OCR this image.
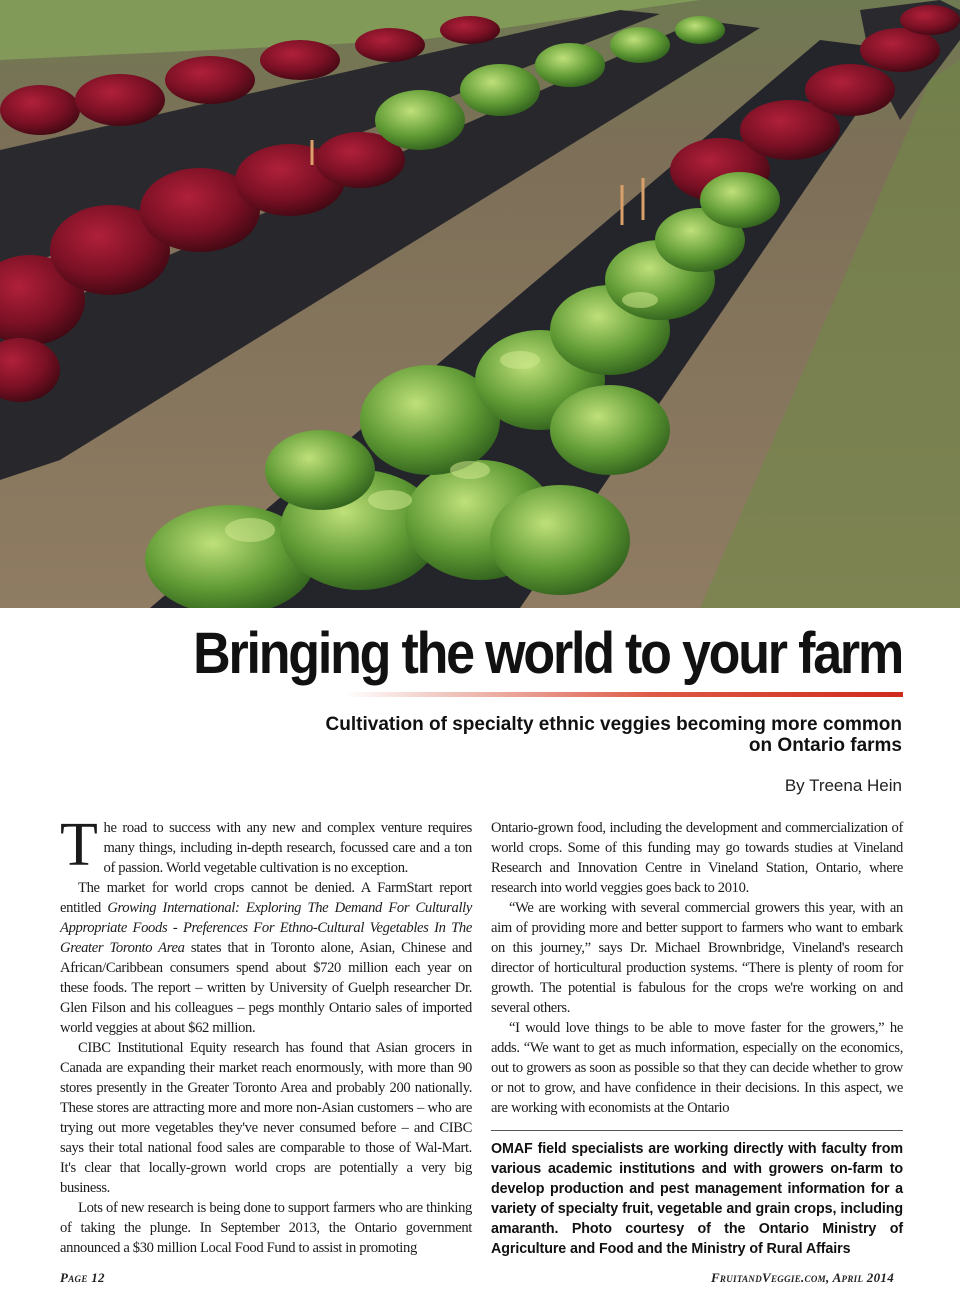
Bringing the world to your farm
Cultivation of specialty ethnic veggies becoming more common
on Ontario farms
By Treena Hein

The road to success with any new and complex venture requires many things, including in-depth research, focussed care and a ton of passion. World vegetable cultivation is no exception.

The market for world crops cannot be denied. A FarmStart report entitled Growing International: Exploring The Demand For Culturally Appropriate Foods - Preferences For Ethno-Cultural Vegetables In The Greater Toronto Area states that in Toronto alone, Asian, Chinese and African/Caribbean consumers spend about $720 million each year on these foods. The report – written by University of Guelph researcher Dr. Glen Filson and his colleagues – pegs monthly Ontario sales of imported world veggies at about $62 million.

CIBC Institutional Equity research has found that Asian grocers in Canada are expanding their market reach enormously, with more than 90 stores presently in the Greater Toronto Area and probably 200 nationally. These stores are attracting more and more non-Asian customers – who are trying out more vegetables they've never consumed before – and CIBC says their total national food sales are comparable to those of Wal-Mart. It's clear that locally-grown world crops are potentially a very big business.

Lots of new research is being done to support farmers who are thinking of taking the plunge. In September 2013, the Ontario government announced a $30 million Local Food Fund to assist in promoting

Ontario-grown food, including the development and commercialization of world crops. Some of this funding may go towards studies at Vineland Research and Innovation Centre in Vineland Station, Ontario, where research into world veggies goes back to 2010.

“We are working with several commercial growers this year, with an aim of providing more and better support to farmers who want to embark on this journey,” says Dr. Michael Brownbridge, Vineland's research director of horticultural production systems. “There is plenty of room for growth. The potential is fabulous for the crops we're working on and several others.

“I would love things to be able to move faster for the growers,” he adds. “We want to get as much information, especially on the economics, out to growers as soon as possible so that they can decide whether to grow or not to grow, and have confidence in their decisions. In this aspect, we are working with economists at the Ontario

OMAF field specialists are working directly with faculty from various academic institutions and with growers on-farm to develop production and pest management information for a variety of specialty fruit, vegetable and grain crops, including amaranth. Photo courtesy of the Ontario Ministry of Agriculture and Food and the Ministry of Rural Affairs
Page 12	FruitandVeggie.com, April 2014
